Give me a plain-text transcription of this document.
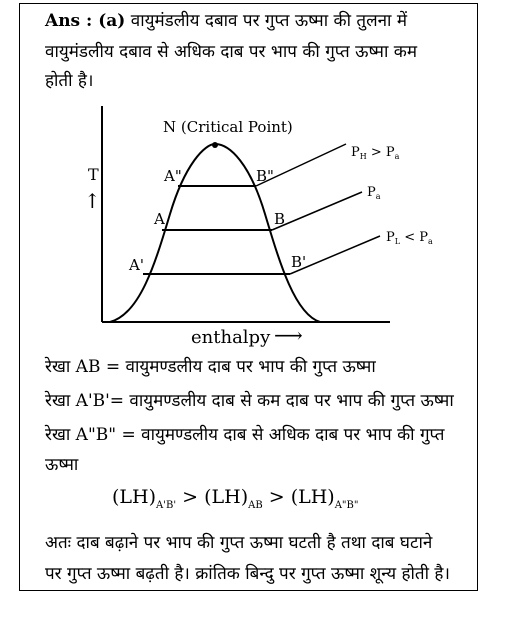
Ans : (a) वायुमंडलीय दबाव पर गुप्त ऊष्मा की तुलना में
वायुमंडलीय दबाव से अधिक दाब पर भाप की गुप्त ऊष्मा कम
होती है।
N (Critical Point)
T
↑
enthalpy ⟶
A"	B"
A	B
A'	B'
$P_H > P_a$
$P_a$
$P_L < P_a$
रेखा AB = वायुमण्डलीय दाब पर भाप की गुप्त ऊष्मा
रेखा A'B'= वायुमण्डलीय दाब से कम दाब पर भाप की गुप्त ऊष्मा
रेखा A"B" = वायुमण्डलीय दाब से अधिक दाब पर भाप की गुप्त
ऊष्मा
$(LH)_{A'B'} > (LH)_{AB} > (LH)_{A"B"}$
अतः दाब बढ़ाने पर भाप की गुप्त ऊष्मा घटती है तथा दाब घटाने
पर गुप्त ऊष्मा बढ़ती है। क्रांतिक बिन्दु पर गुप्त ऊष्मा शून्य होती है।
